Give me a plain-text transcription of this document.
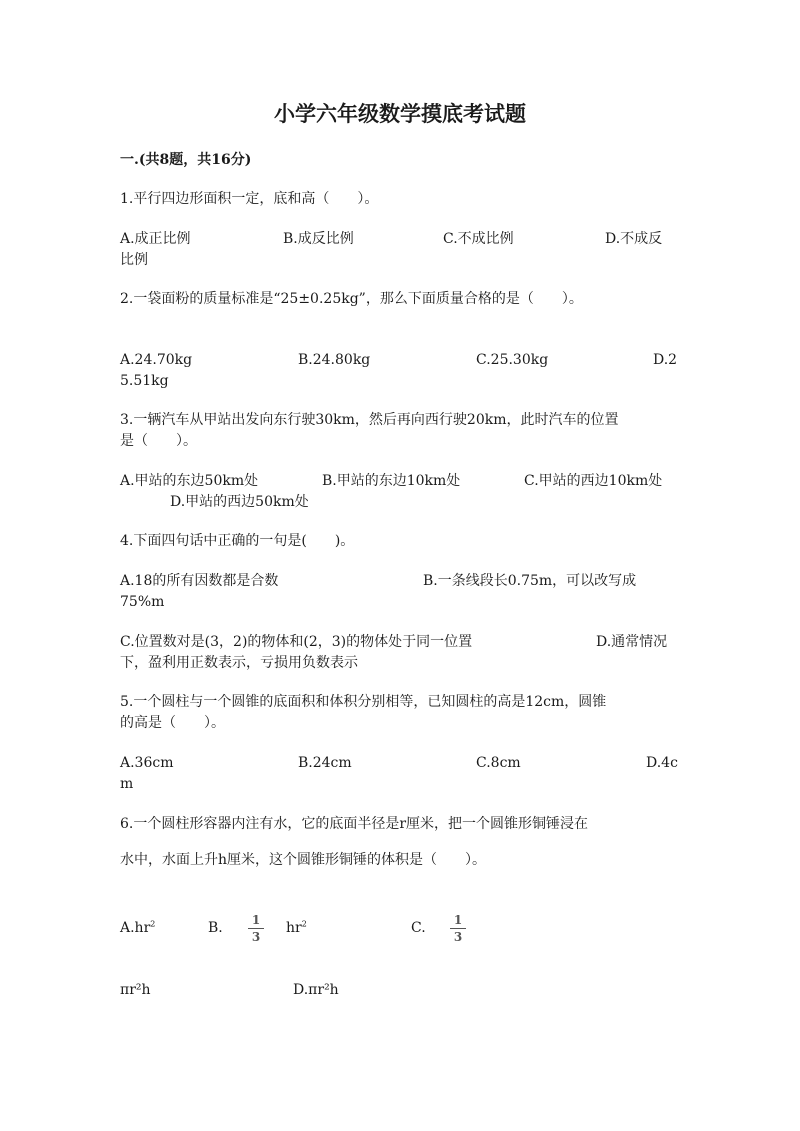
小学六年级数学摸底考试题
一.(共8题，共16分)
1.平行四边形面积一定，底和高（　　）。
A.成正比例	B.成反比例	C.不成比例	D.不成反
比例
2.一袋面粉的质量标准是“25±0.25kg”，那么下面质量合格的是（　　）。
A.24.70kg	B.24.80kg	C.25.30kg	D.2
5.51kg
3.一辆汽车从甲站出发向东行驶30km，然后再向西行驶20km，此时汽车的位置
是（　　）。
A.甲站的东边50km处	B.甲站的东边10km处	C.甲站的西边10km处
D.甲站的西边50km处
4.下面四句话中正确的一句是(　　)。
A.18的所有因数都是合数	B.一条线段长0.75m，可以改写成
75%m
C.位置数对是(3，2)的物体和(2，3)的物体处于同一位置	D.通常情况
下，盈利用正数表示，亏损用负数表示
5.一个圆柱与一个圆锥的底面积和体积分别相等，已知圆柱的高是12cm，圆锥
的高是（　　）。
A.36cm	B.24cm	C.8cm	D.4c
m
6.一个圆柱形容器内注有水，它的底面半径是r厘米，把一个圆锥形铜锤浸在
水中，水面上升h厘米，这个圆锥形铜锤的体积是（　　）。
$A.hr^2$	B.	1
3
$hr^2$	C.	1
3
πr²h	D.πr²h
